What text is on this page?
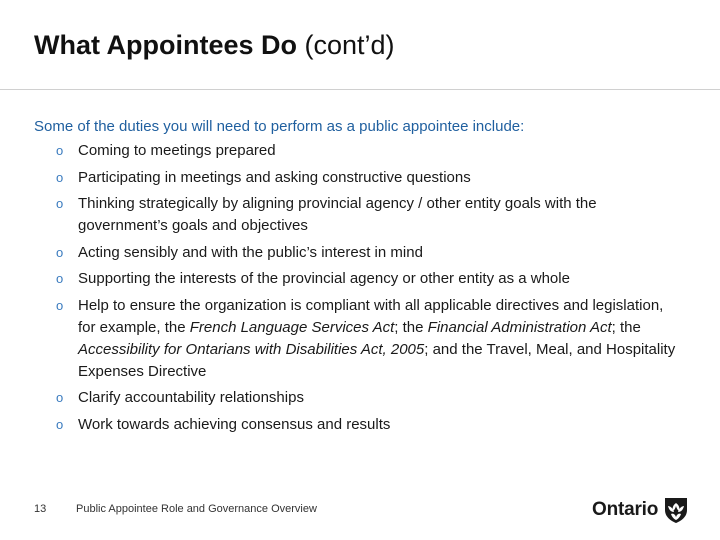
What Appointees Do (cont’d)
Some of the duties you will need to perform as a public appointee include:
o Coming to meetings prepared
o Participating in meetings and asking constructive questions
o Thinking strategically by aligning provincial agency / other entity goals with the government’s goals and objectives
o Acting sensibly and with the public’s interest in mind
o Supporting the interests of the provincial agency or other entity as a whole
o Help to ensure the organization is compliant with all applicable directives and legislation, for example, the French Language Services Act; the Financial Administration Act; the Accessibility for Ontarians with Disabilities Act, 2005; and the Travel, Meal, and Hospitality Expenses Directive
o Clarify accountability relationships
o Work towards achieving consensus and results
13	Public Appointee Role and Governance Overview	Ontario
